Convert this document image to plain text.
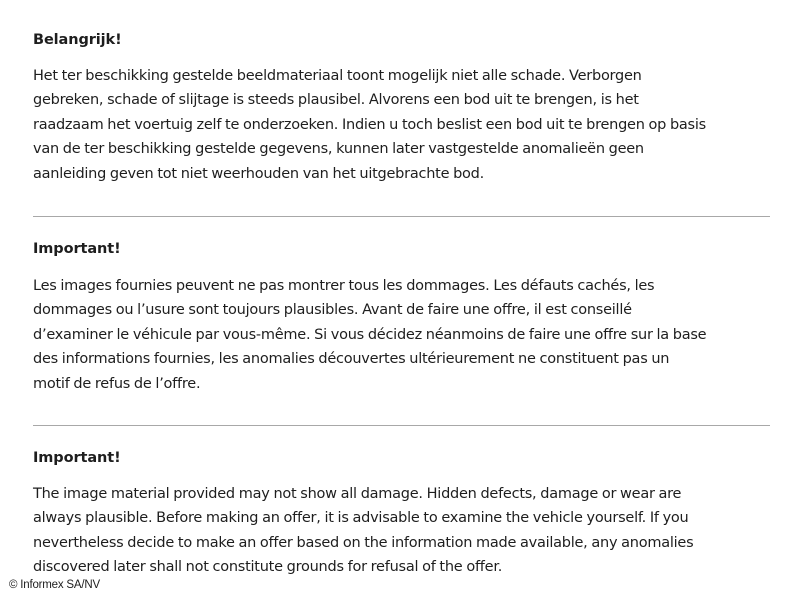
Belangrijk!

Het ter beschikking gestelde beeldmateriaal toont mogelijk niet alle schade. Verborgen

gebreken, schade of slijtage is steeds plausibel. Alvorens een bod uit te brengen, is het

raadzaam het voertuig zelf te onderzoeken. Indien u toch beslist een bod uit te brengen op basis

van de ter beschikking gestelde gegevens, kunnen later vastgestelde anomalieën geen

aanleiding geven tot niet weerhouden van het uitgebrachte bod.

Important!

Les images fournies peuvent ne pas montrer tous les dommages. Les défauts cachés, les

dommages ou l’usure sont toujours plausibles. Avant de faire une offre, il est conseillé

d’examiner le véhicule par vous-même. Si vous décidez néanmoins de faire une offre sur la base

des informations fournies, les anomalies découvertes ultérieurement ne constituent pas un

motif de refus de l’offre.

Important!

The image material provided may not show all damage. Hidden defects, damage or wear are

always plausible. Before making an offer, it is advisable to examine the vehicle yourself. If you

nevertheless decide to make an offer based on the information made available, any anomalies

discovered later shall not constitute grounds for refusal of the offer.

© Informex SA/NV
